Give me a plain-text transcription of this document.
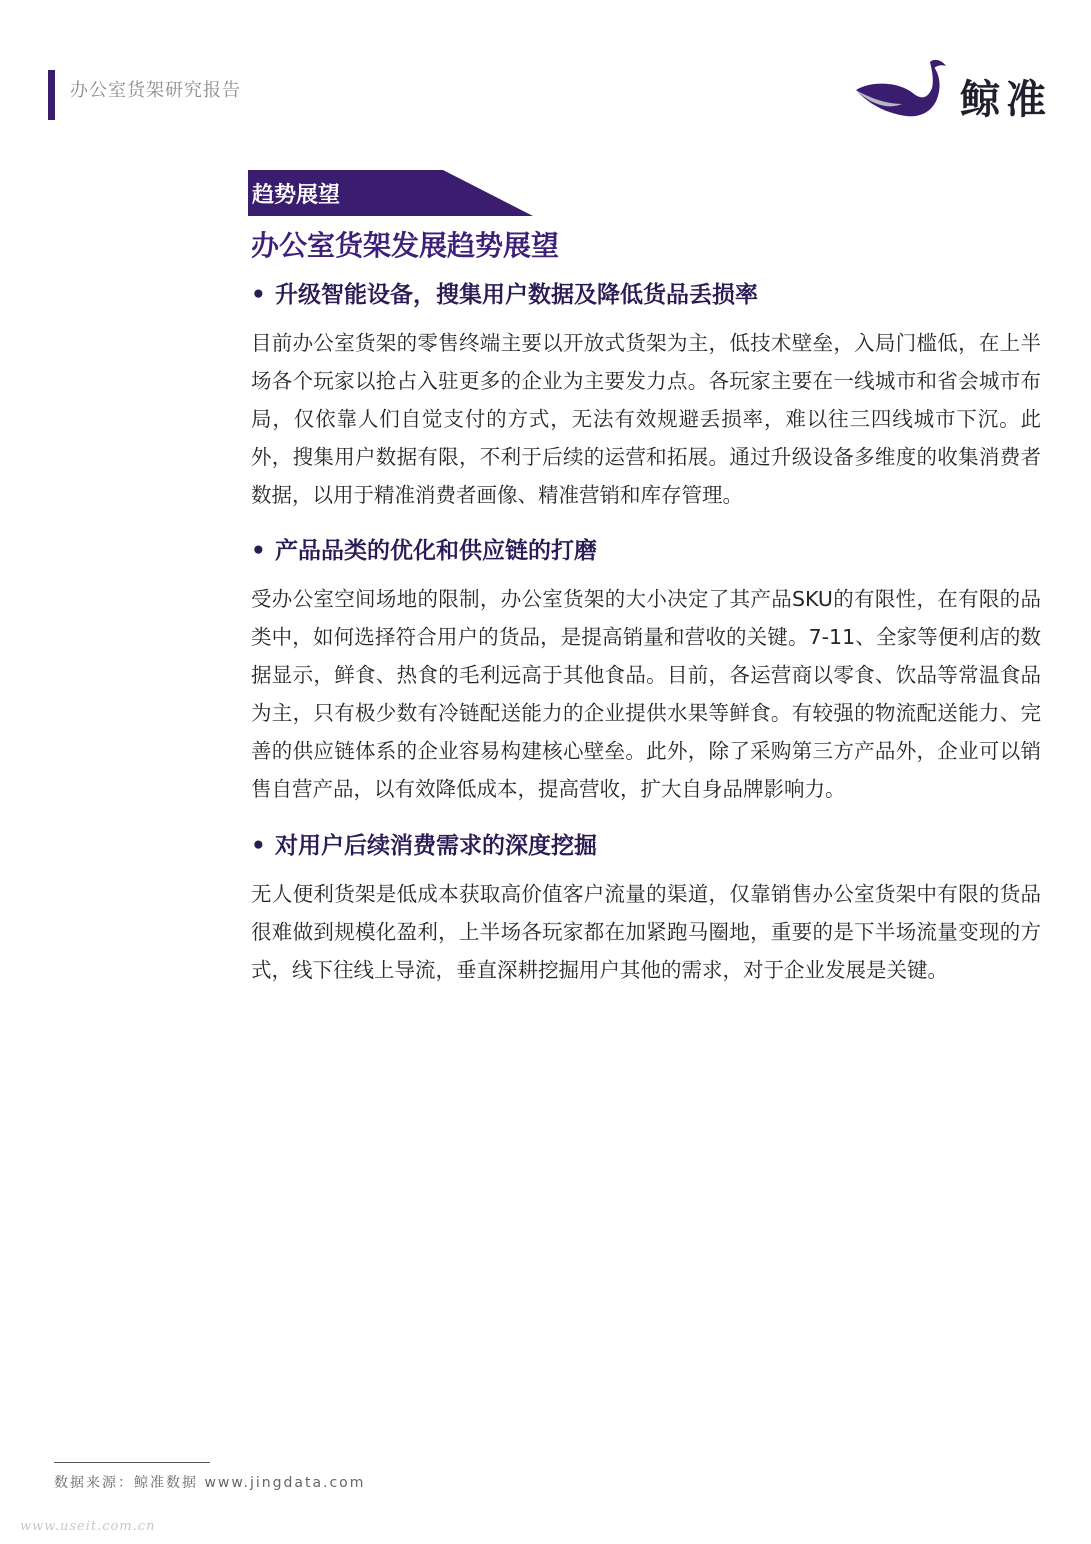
办公室货架研究报告	鲸准
趋势展望
办公室货架发展趋势展望
• 升级智能设备，搜集用户数据及降低货品丢损率
目前办公室货架的零售终端主要以开放式货架为主，低技术壁垒，入局门槛低，在上半场各个玩家以抢占入驻更多的企业为主要发力点。各玩家主要在一线城市和省会城市布局，仅依靠人们自觉支付的方式，无法有效规避丢损率，难以往三四线城市下沉。此外，搜集用户数据有限，不利于后续的运营和拓展。通过升级设备多维度的收集消费者数据，以用于精准消费者画像、精准营销和库存管理。
• 产品品类的优化和供应链的打磨
受办公室空间场地的限制，办公室货架的大小决定了其产品SKU的有限性，在有限的品类中，如何选择符合用户的货品，是提高销量和营收的关键。7-11、全家等便利店的数据显示，鲜食、热食的毛利远高于其他食品。目前，各运营商以零食、饮品等常温食品为主，只有极少数有冷链配送能力的企业提供水果等鲜食。有较强的物流配送能力、完善的供应链体系的企业容易构建核心壁垒。此外，除了采购第三方产品外，企业可以销售自营产品，以有效降低成本，提高营收，扩大自身品牌影响力。
• 对用户后续消费需求的深度挖掘
无人便利货架是低成本获取高价值客户流量的渠道，仅靠销售办公室货架中有限的货品很难做到规模化盈利，上半场各玩家都在加紧跑马圈地，重要的是下半场流量变现的方式，线下往线上导流，垂直深耕挖掘用户其他的需求，对于企业发展是关键。
数据来源：鲸准数据 www.jingdata.com
www.useit.com.cn
